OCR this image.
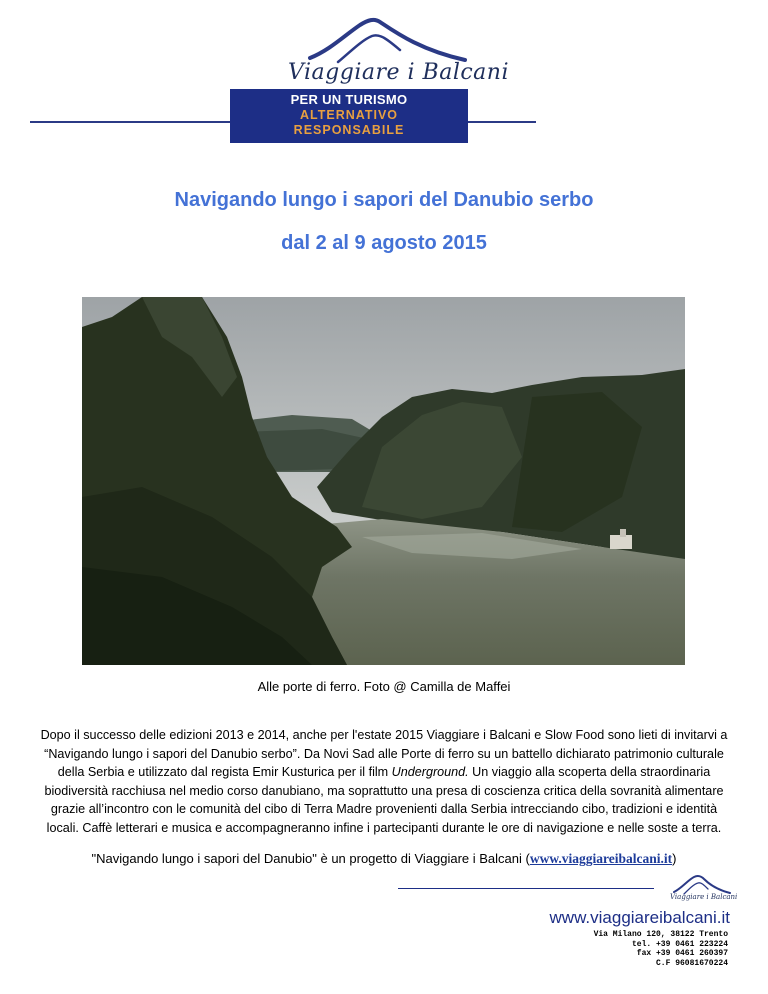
Viaggiare i Balcani
PER UN TURISMO
ALTERNATIVO
RESPONSABILE
Navigando lungo i sapori del Danubio serbo
dal 2 al 9 agosto 2015
Alle porte di ferro. Foto @ Camilla de Maffei
Dopo il successo delle edizioni 2013 e 2014, anche per l'estate 2015 Viaggiare i Balcani e Slow Food sono lieti di invitarvi a “Navigando lungo i sapori del Danubio serbo”. Da Novi Sad alle Porte di ferro su un battello dichiarato patrimonio culturale della Serbia e utilizzato dal regista Emir Kusturica per il film Underground. Un viaggio alla scoperta della straordinaria biodiversità racchiusa nel medio corso danubiano, ma soprattutto una presa di coscienza critica della sovranità alimentare grazie all’incontro con le comunità del cibo di Terra Madre provenienti dalla Serbia intrecciando cibo, tradizioni e identità locali. Caffè letterari e musica e accompagneranno infine i partecipanti durante le ore di navigazione e nelle soste a terra.
"Navigando lungo i sapori del Danubio" è un progetto di Viaggiare i Balcani (www.viaggiareibalcani.it)
Viaggiare i Balcani
www.viaggiareibalcani.it
Via Milano 120, 38122 Trento
tel. +39 0461 223224
fax +39 0461 260397
C.F 96081670224
